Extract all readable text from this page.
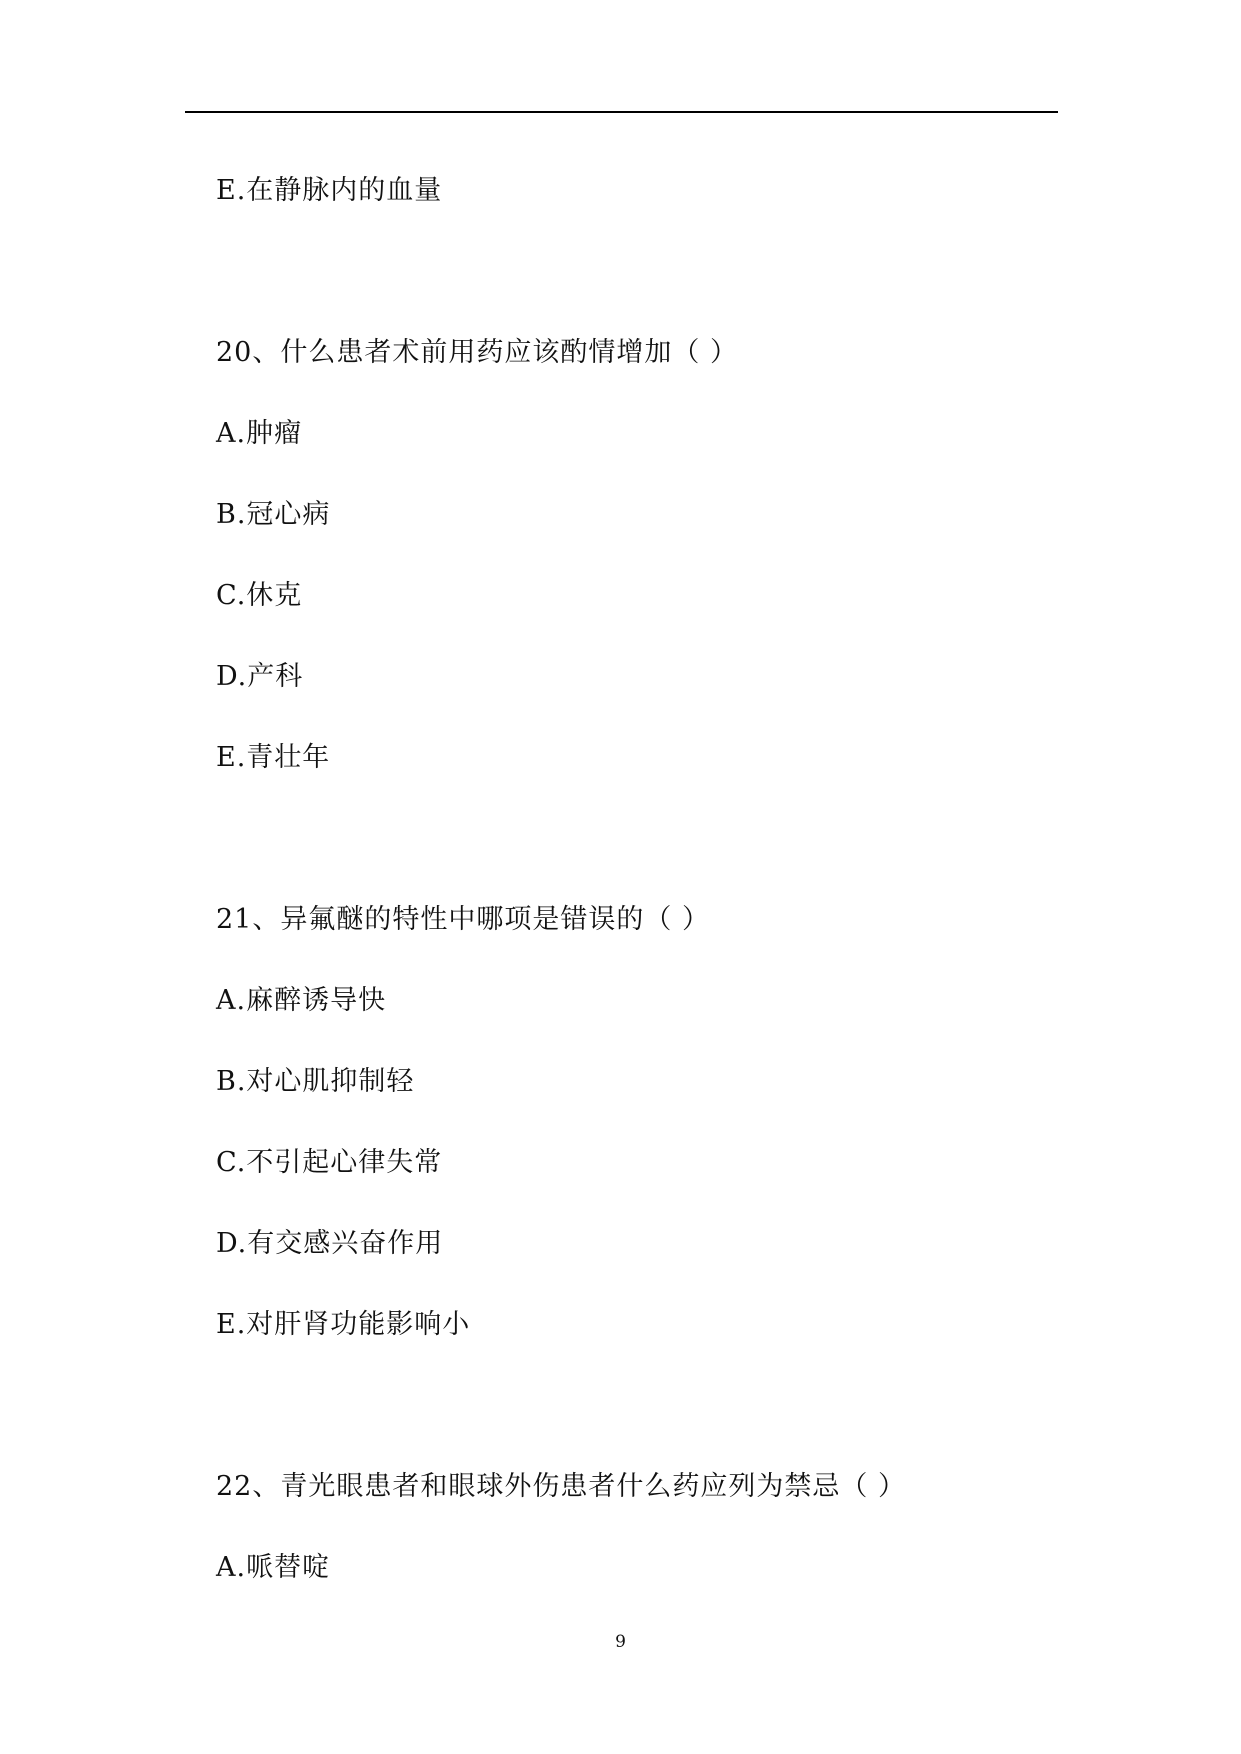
E.在静脉内的血量
20、什么患者术前用药应该酌情增加（ ）
A.肿瘤
B.冠心病
C.休克
D.产科
E.青壮年
21、异氟醚的特性中哪项是错误的（ ）
A.麻醉诱导快
B.对心肌抑制轻
C.不引起心律失常
D.有交感兴奋作用
E.对肝肾功能影响小
22、青光眼患者和眼球外伤患者什么药应列为禁忌（ ）
A.哌替啶
9
